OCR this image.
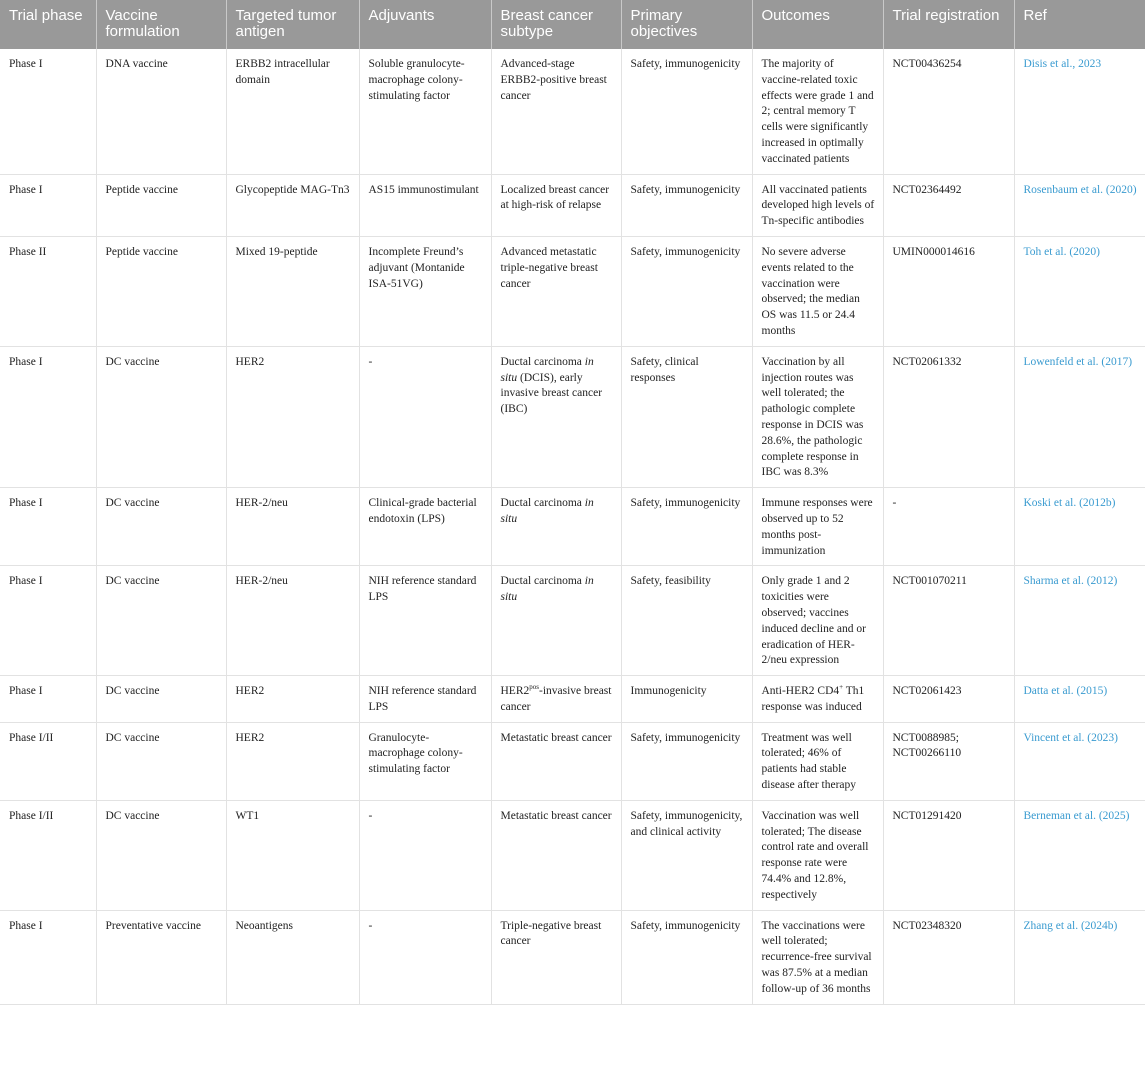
Trial phase	Vaccine formulation	Targeted tumor antigen	Adjuvants	Breast cancer subtype	Primary objectives	Outcomes	Trial registration	Ref
Phase I	DNA vaccine	ERBB2 intracellular domain	Soluble granulocyte-macrophage colony-stimulating factor	Advanced-stage ERBB2-positive breast cancer	Safety, immunogenicity	The majority of vaccine-related toxic effects were grade 1 and 2; central memory T cells were significantly increased in optimally vaccinated patients	NCT00436254	Disis et al., 2023
Phase I	Peptide vaccine	Glycopeptide MAG-Tn3	AS15 immunostimulant	Localized breast cancer at high-risk of relapse	Safety, immunogenicity	All vaccinated patients developed high levels of Tn-specific antibodies	NCT02364492	Rosenbaum et al. (2020)
Phase II	Peptide vaccine	Mixed 19-peptide	Incomplete Freund’s adjuvant (Montanide ISA-51VG)	Advanced metastatic triple-negative breast cancer	Safety, immunogenicity	No severe adverse events related to the vaccination were observed; the median OS was 11.5 or 24.4 months	UMIN000014616	Toh et al. (2020)
Phase I	DC vaccine	HER2	-	Ductal carcinoma in situ (DCIS), early invasive breast cancer (IBC)	Safety, clinical responses	Vaccination by all injection routes was well tolerated; the pathologic complete response in DCIS was 28.6%, the pathologic complete response in IBC was 8.3%	NCT02061332	Lowenfeld et al. (2017)
Phase I	DC vaccine	HER-2/neu	Clinical-grade bacterial endotoxin (LPS)	Ductal carcinoma in situ	Safety, immunogenicity	Immune responses were observed up to 52 months post-immunization	-	Koski et al. (2012b)
Phase I	DC vaccine	HER-2/neu	NIH reference standard LPS	Ductal carcinoma in situ	Safety, feasibility	Only grade 1 and 2 toxicities were observed; vaccines induced decline and or eradication of HER-2/neu expression	NCT001070211	Sharma et al. (2012)
Phase I	DC vaccine	HER2	NIH reference standard LPS	$HER2^{pos}$-invasive breast cancer	Immunogenicity	Anti-HER2 CD4+ Th1 response was induced	NCT02061423	Datta et al. (2015)
Phase I/II	DC vaccine	HER2	Granulocyte-macrophage colony-stimulating factor	Metastatic breast cancer	Safety, immunogenicity	Treatment was well tolerated; 46% of patients had stable disease after therapy	NCT0088985; NCT00266110	Vincent et al. (2023)
Phase I/II	DC vaccine	WT1	-	Metastatic breast cancer	Safety, immunogenicity, and clinical activity	Vaccination was well tolerated; The disease control rate and overall response rate were 74.4% and 12.8%, respectively	NCT01291420	Berneman et al. (2025)
Phase I	Preventative vaccine	Neoantigens	-	Triple-negative breast cancer	Safety, immunogenicity	The vaccinations were well tolerated; recurrence-free survival was 87.5% at a median follow-up of 36 months	NCT02348320	Zhang et al. (2024b)
